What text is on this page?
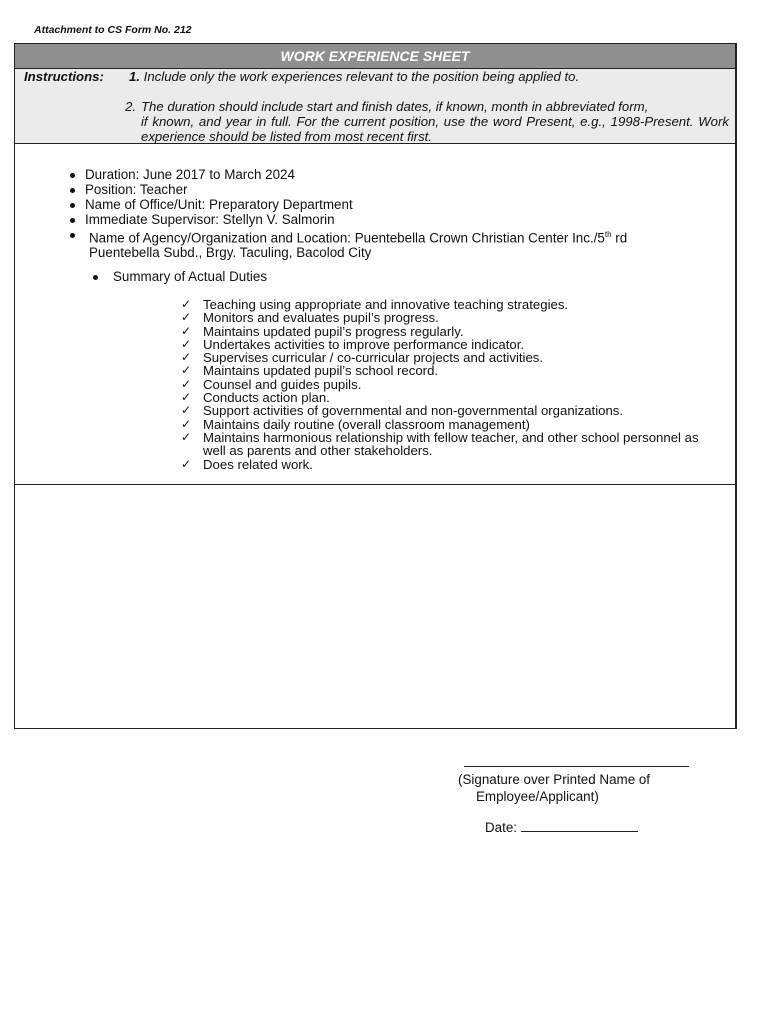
Attachment to CS Form No. 212
WORK EXPERIENCE SHEET
Instructions: 1. Include only the work experiences relevant to the position being applied to.
2. The duration should include start and finish dates, if known, month in abbreviated form,
if known, and year in full. For the current position, use the word Present, e.g., 1998-Present. Work experience should be listed from most recent first.
Duration: June 2017 to March 2024
Position: Teacher
Name of Office/Unit: Preparatory Department
Immediate Supervisor: Stellyn V. Salmorin
Name of Agency/Organization and Location: Puentebella Crown Christian Center Inc./5th rd
Puentebella Subd., Brgy. Taculing, Bacolod City
Summary of Actual Duties
✓ Teaching using appropriate and innovative teaching strategies.
✓ Monitors and evaluates pupil’s progress.
✓ Maintains updated pupil’s progress regularly.
✓ Undertakes activities to improve performance indicator.
✓ Supervises curricular / co-curricular projects and activities.
✓ Maintains updated pupil’s school record.
✓ Counsel and guides pupils.
✓ Conducts action plan.
✓ Support activities of governmental and non-governmental organizations.
✓ Maintains daily routine (overall classroom management)
✓ Maintains harmonious relationship with fellow teacher, and other school personnel as well as parents and other stakeholders.
✓ Does related work.
(Signature over Printed Name of
Employee/Applicant)
Date:
